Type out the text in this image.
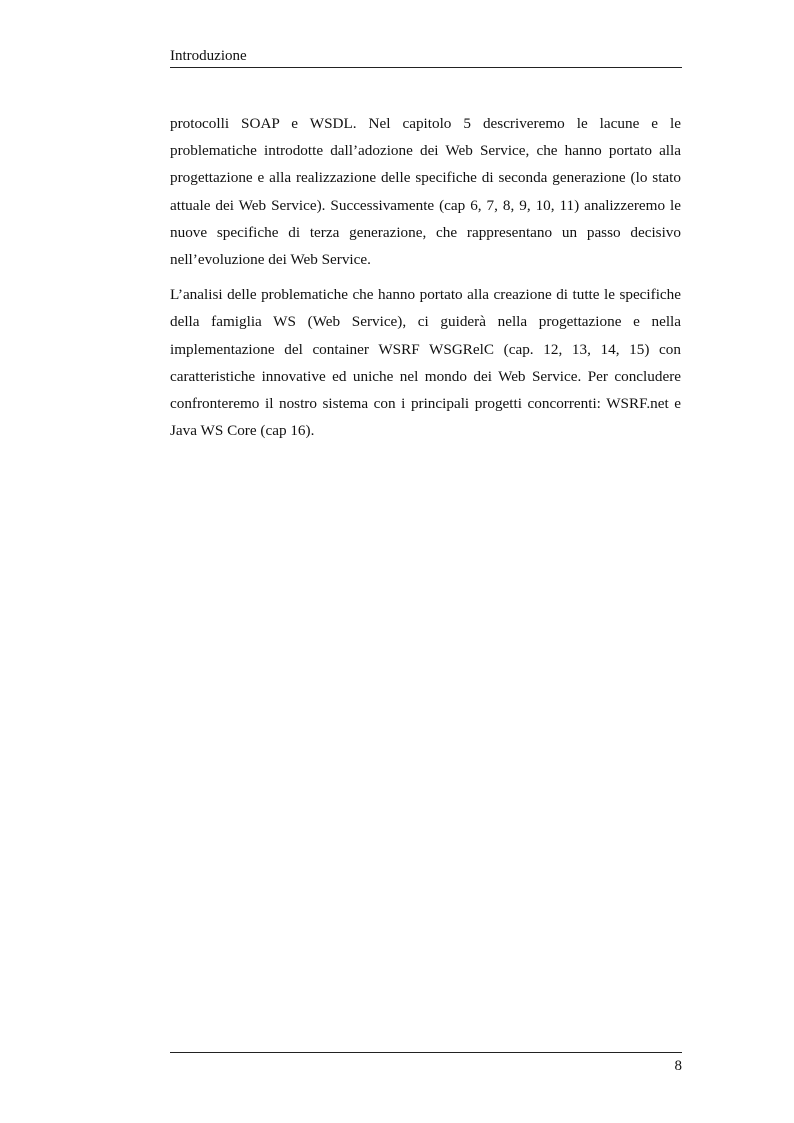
Introduzione

protocolli SOAP e WSDL. Nel capitolo 5 descriveremo le lacune e le problematiche introdotte dall’adozione dei Web Service, che hanno portato alla progettazione e alla realizzazione delle specifiche di seconda generazione (lo stato attuale dei Web Service). Successivamente (cap 6, 7, 8, 9, 10, 11) analizzeremo le nuove specifiche di terza generazione, che rappresentano un passo decisivo nell’evoluzione dei Web Service.

L’analisi delle problematiche che hanno portato alla creazione di tutte le specifiche della famiglia WS (Web Service), ci guiderà nella progettazione e nella implementazione del container WSRF WSGRelC (cap. 12, 13, 14, 15) con caratteristiche innovative ed uniche nel mondo dei Web Service. Per concludere confronteremo il nostro sistema con i principali progetti concorrenti: WSRF.net e Java WS Core (cap 16).

8
